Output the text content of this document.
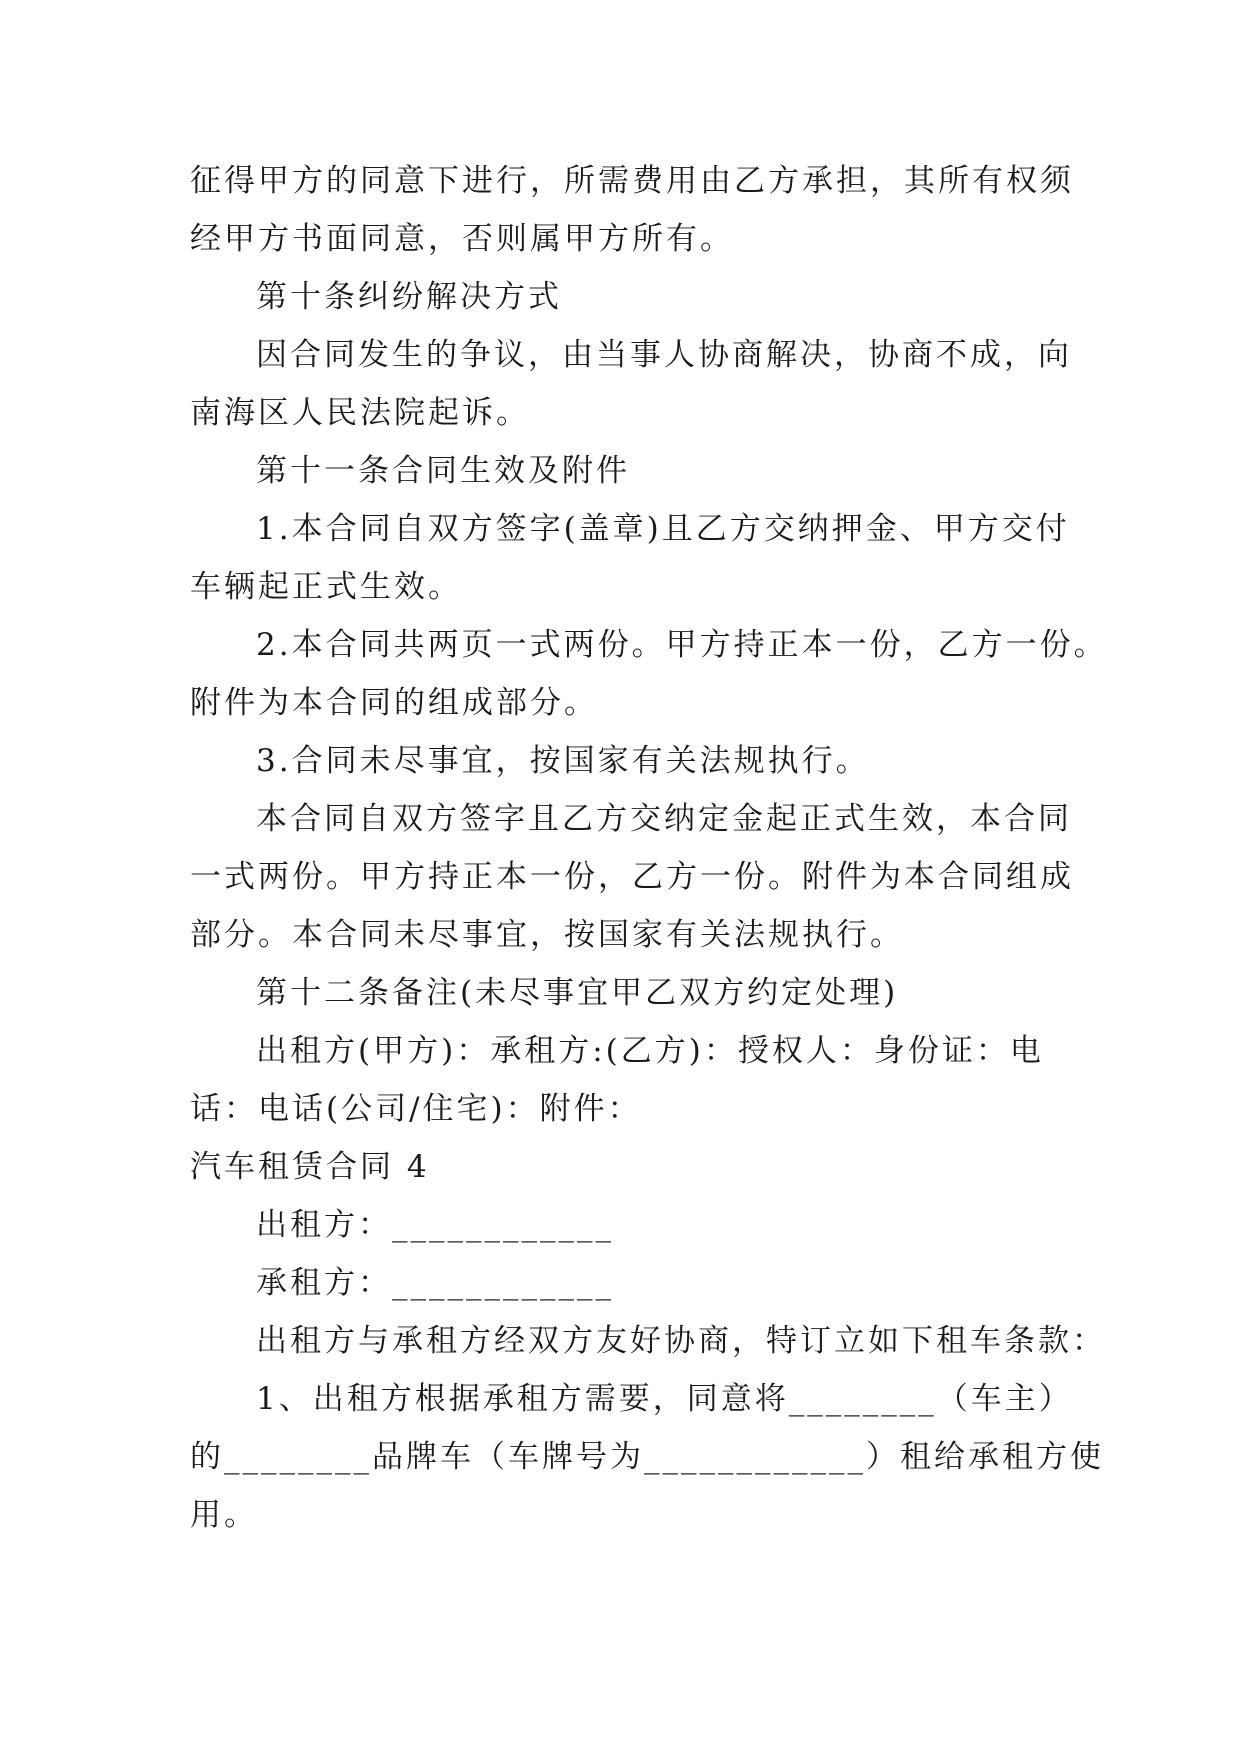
征得甲方的同意下进行，所需费用由乙方承担，其所有权须
经甲方书面同意，否则属甲方所有。
第十条纠纷解决方式
因合同发生的争议，由当事人协商解决，协商不成，向
南海区人民法院起诉。
第十一条合同生效及附件
1.本合同自双方签字(盖章)且乙方交纳押金、甲方交付
车辆起正式生效。
2.本合同共两页一式两份。甲方持正本一份，乙方一份。
附件为本合同的组成部分。
3.合同未尽事宜，按国家有关法规执行。
本合同自双方签字且乙方交纳定金起正式生效，本合同
一式两份。甲方持正本一份，乙方一份。附件为本合同组成
部分。本合同未尽事宜，按国家有关法规执行。
第十二条备注(未尽事宜甲乙双方约定处理)
出租方(甲方)：承租方:(乙方)：授权人：身份证：电
话：电话(公司/住宅)：附件：
汽车租赁合同 4
出租方：____________
承租方：____________
出租方与承租方经双方友好协商，特订立如下租车条款：
1、出租方根据承租方需要，同意将________（车主）
的________品牌车（车牌号为____________）租给承租方使
用。
